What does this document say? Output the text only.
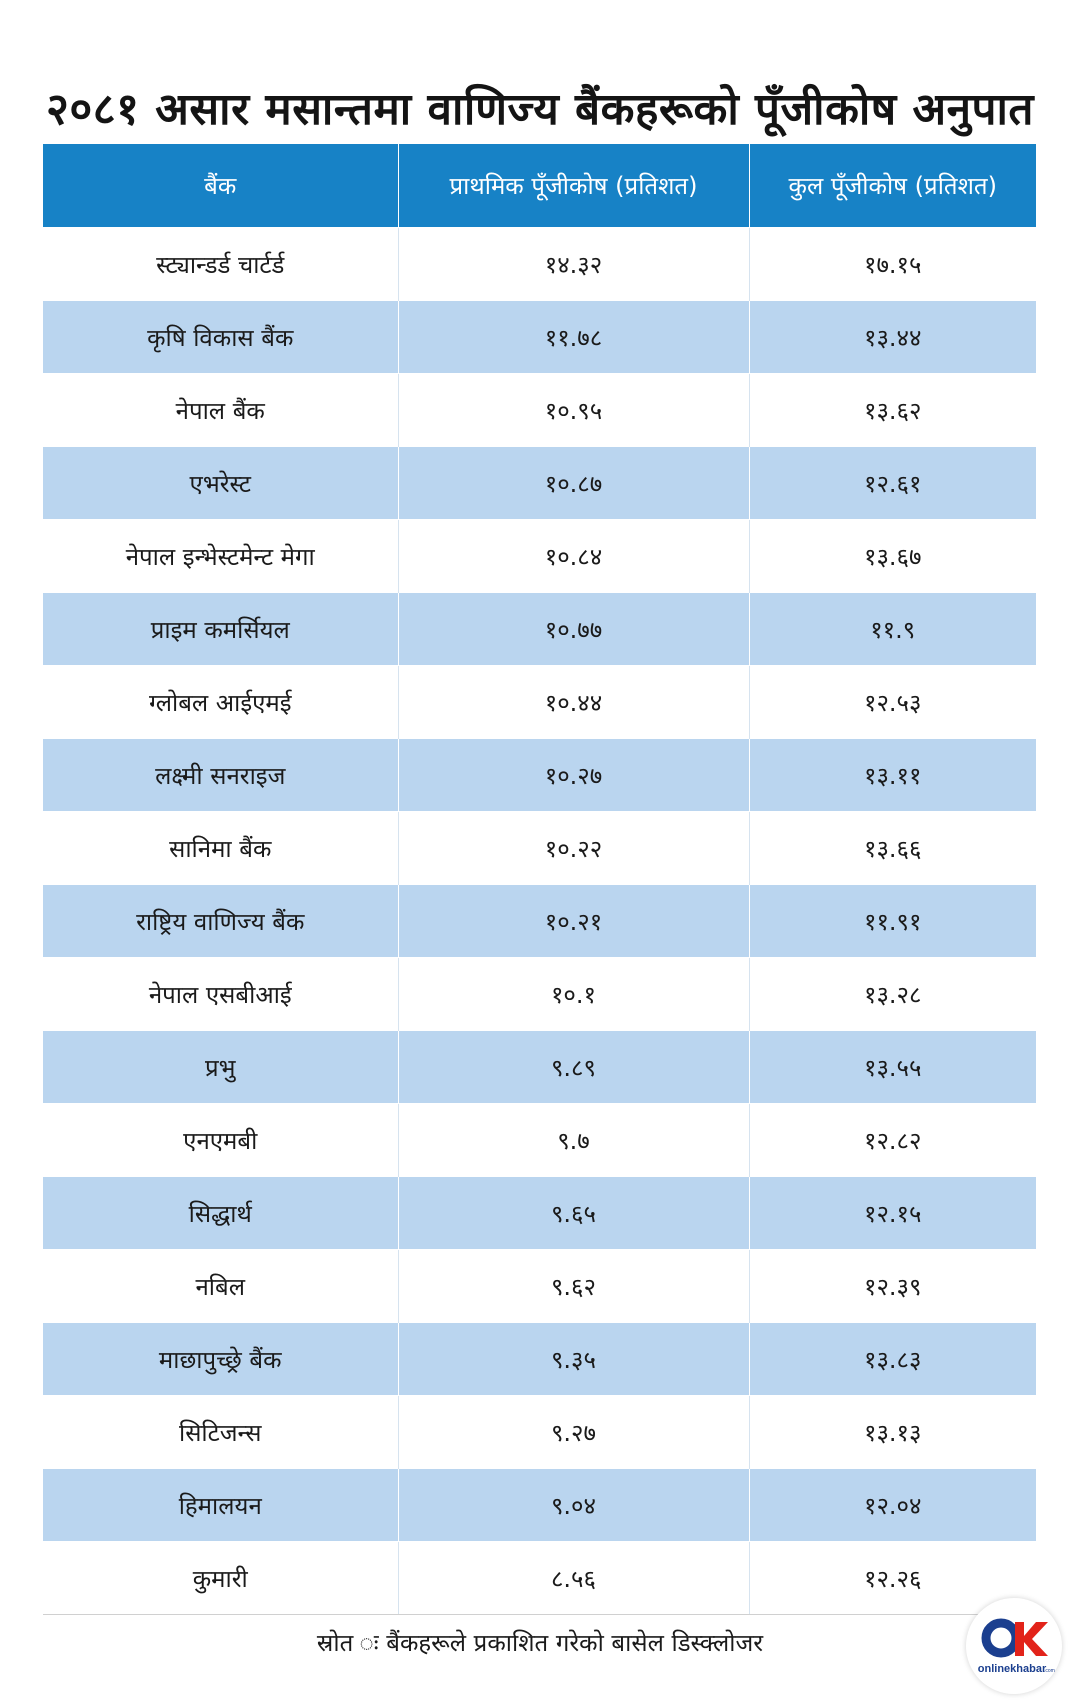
२०८१ असार मसान्तमा वाणिज्य बैंकहरूको पूँजीकोष अनुपात
बैंक	प्राथमिक पूँजीकोष (प्रतिशत)	कुल पूँजीकोष (प्रतिशत)
स्ट्यान्डर्ड चार्टर्ड	१४.३२	१७.१५
कृषि विकास बैंक	११.७८	१३.४४
नेपाल बैंक	१०.९५	१३.६२
एभरेस्ट	१०.८७	१२.६१
नेपाल इन्भेस्टमेन्ट मेगा	१०.८४	१३.६७
प्राइम कमर्सियल	१०.७७	११.९
ग्लोबल आईएमई	१०.४४	१२.५३
लक्ष्मी सनराइज	१०.२७	१३.११
सानिमा बैंक	१०.२२	१३.६६
राष्ट्रिय वाणिज्य बैंक	१०.२१	११.९१
नेपाल एसबीआई	१०.१	१३.२८
प्रभु	९.८९	१३.५५
एनएमबी	९.७	१२.८२
सिद्धार्थ	९.६५	१२.१५
नबिल	९.६२	१२.३९
माछापुच्छ्रे बैंक	९.३५	१३.८३
सिटिजन्स	९.२७	१३.१३
हिमालयन	९.०४	१२.०४
कुमारी	८.५६	१२.२६
स्रोत ः बैंकहरूले प्रकाशित गरेको बासेल डिस्क्लोजर
onlinekhabar
.com
